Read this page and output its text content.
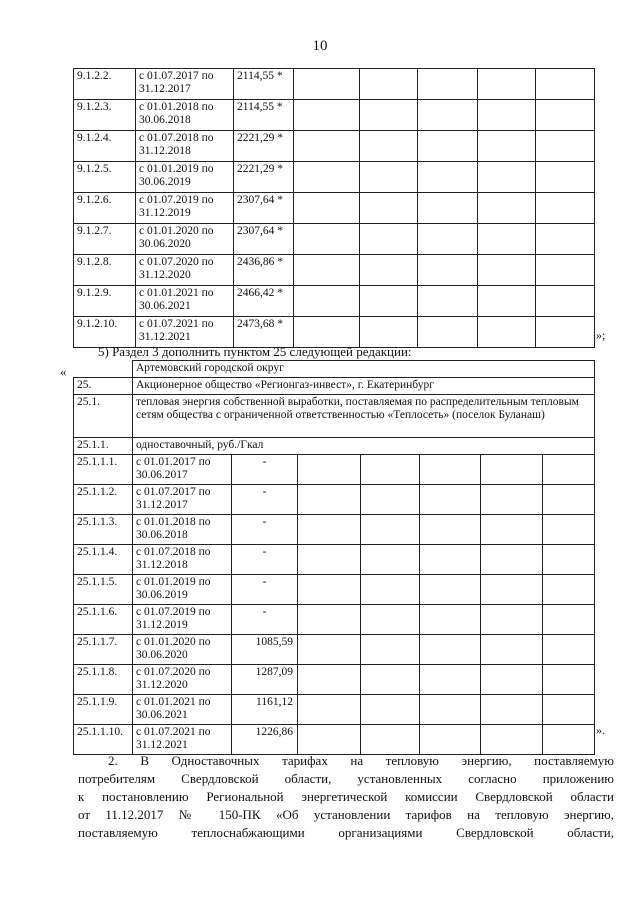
10
9.1.2.2.	с 01.07.2017 по 31.12.2017	2114,55 *					
9.1.2.3.	с 01.01.2018 по 30.06.2018	2114,55 *					
9.1.2.4.	с 01.07.2018 по 31.12.2018	2221,29 *					
9.1.2.5.	с 01.01.2019 по 30.06.2019	2221,29 *					
9.1.2.6.	с 01.07.2019 по 31.12.2019	2307,64 *					
9.1.2.7.	с 01.01.2020 по 30.06.2020	2307,64 *					
9.1.2.8.	с 01.07.2020 по 31.12.2020	2436,86 *					
9.1.2.9.	с 01.01.2021 по 30.06.2021	2466,42 *					
9.1.2.10.	с 01.07.2021 по 31.12.2021	2473,68 *					
»;
5) Раздел 3 дополнить пунктом 25 следующей редакции:
«
		Артемовский городской округ						
25.	Акционерное общество «Регионгаз-инвест», г. Екатеринбург						
25.1.	тепловая энергия собственной выработки, поставляемая по распределительным тепловым сетям общества с ограниченной ответственностью «Теплосеть» (поселок Буланаш)						
25.1.1.	одноставочный, руб./Гкал						
25.1.1.1.	с 01.01.2017 по 30.06.2017	-					
25.1.1.2.	с 01.07.2017 по 31.12.2017	-					
25.1.1.3.	с 01.01.2018 по 30.06.2018	-					
25.1.1.4.	с 01.07.2018 по 31.12.2018	-					
25.1.1.5.	с 01.01.2019 по 30.06.2019	-					
25.1.1.6.	с 01.07.2019 по 31.12.2019	-					
25.1.1.7.	с 01.01.2020 по 30.06.2020	1085,59					
25.1.1.8.	с 01.07.2020 по 31.12.2020	1287,09					
25.1.1.9.	с 01.01.2021 по 30.06.2021	1161,12					
25.1.1.10.	с 01.07.2021 по 31.12.2021	1226,86						».
2. В Одноставочных тарифах на тепловую энергию, поставляемую
потребителям Свердловской области, установленных согласно приложению
к постановлению Региональной энергетической комиссии Свердловской области
от 11.12.2017 № 150-ПК «Об установлении тарифов на тепловую энергию,
поставляемую теплоснабжающими организациями Свердловской области,
